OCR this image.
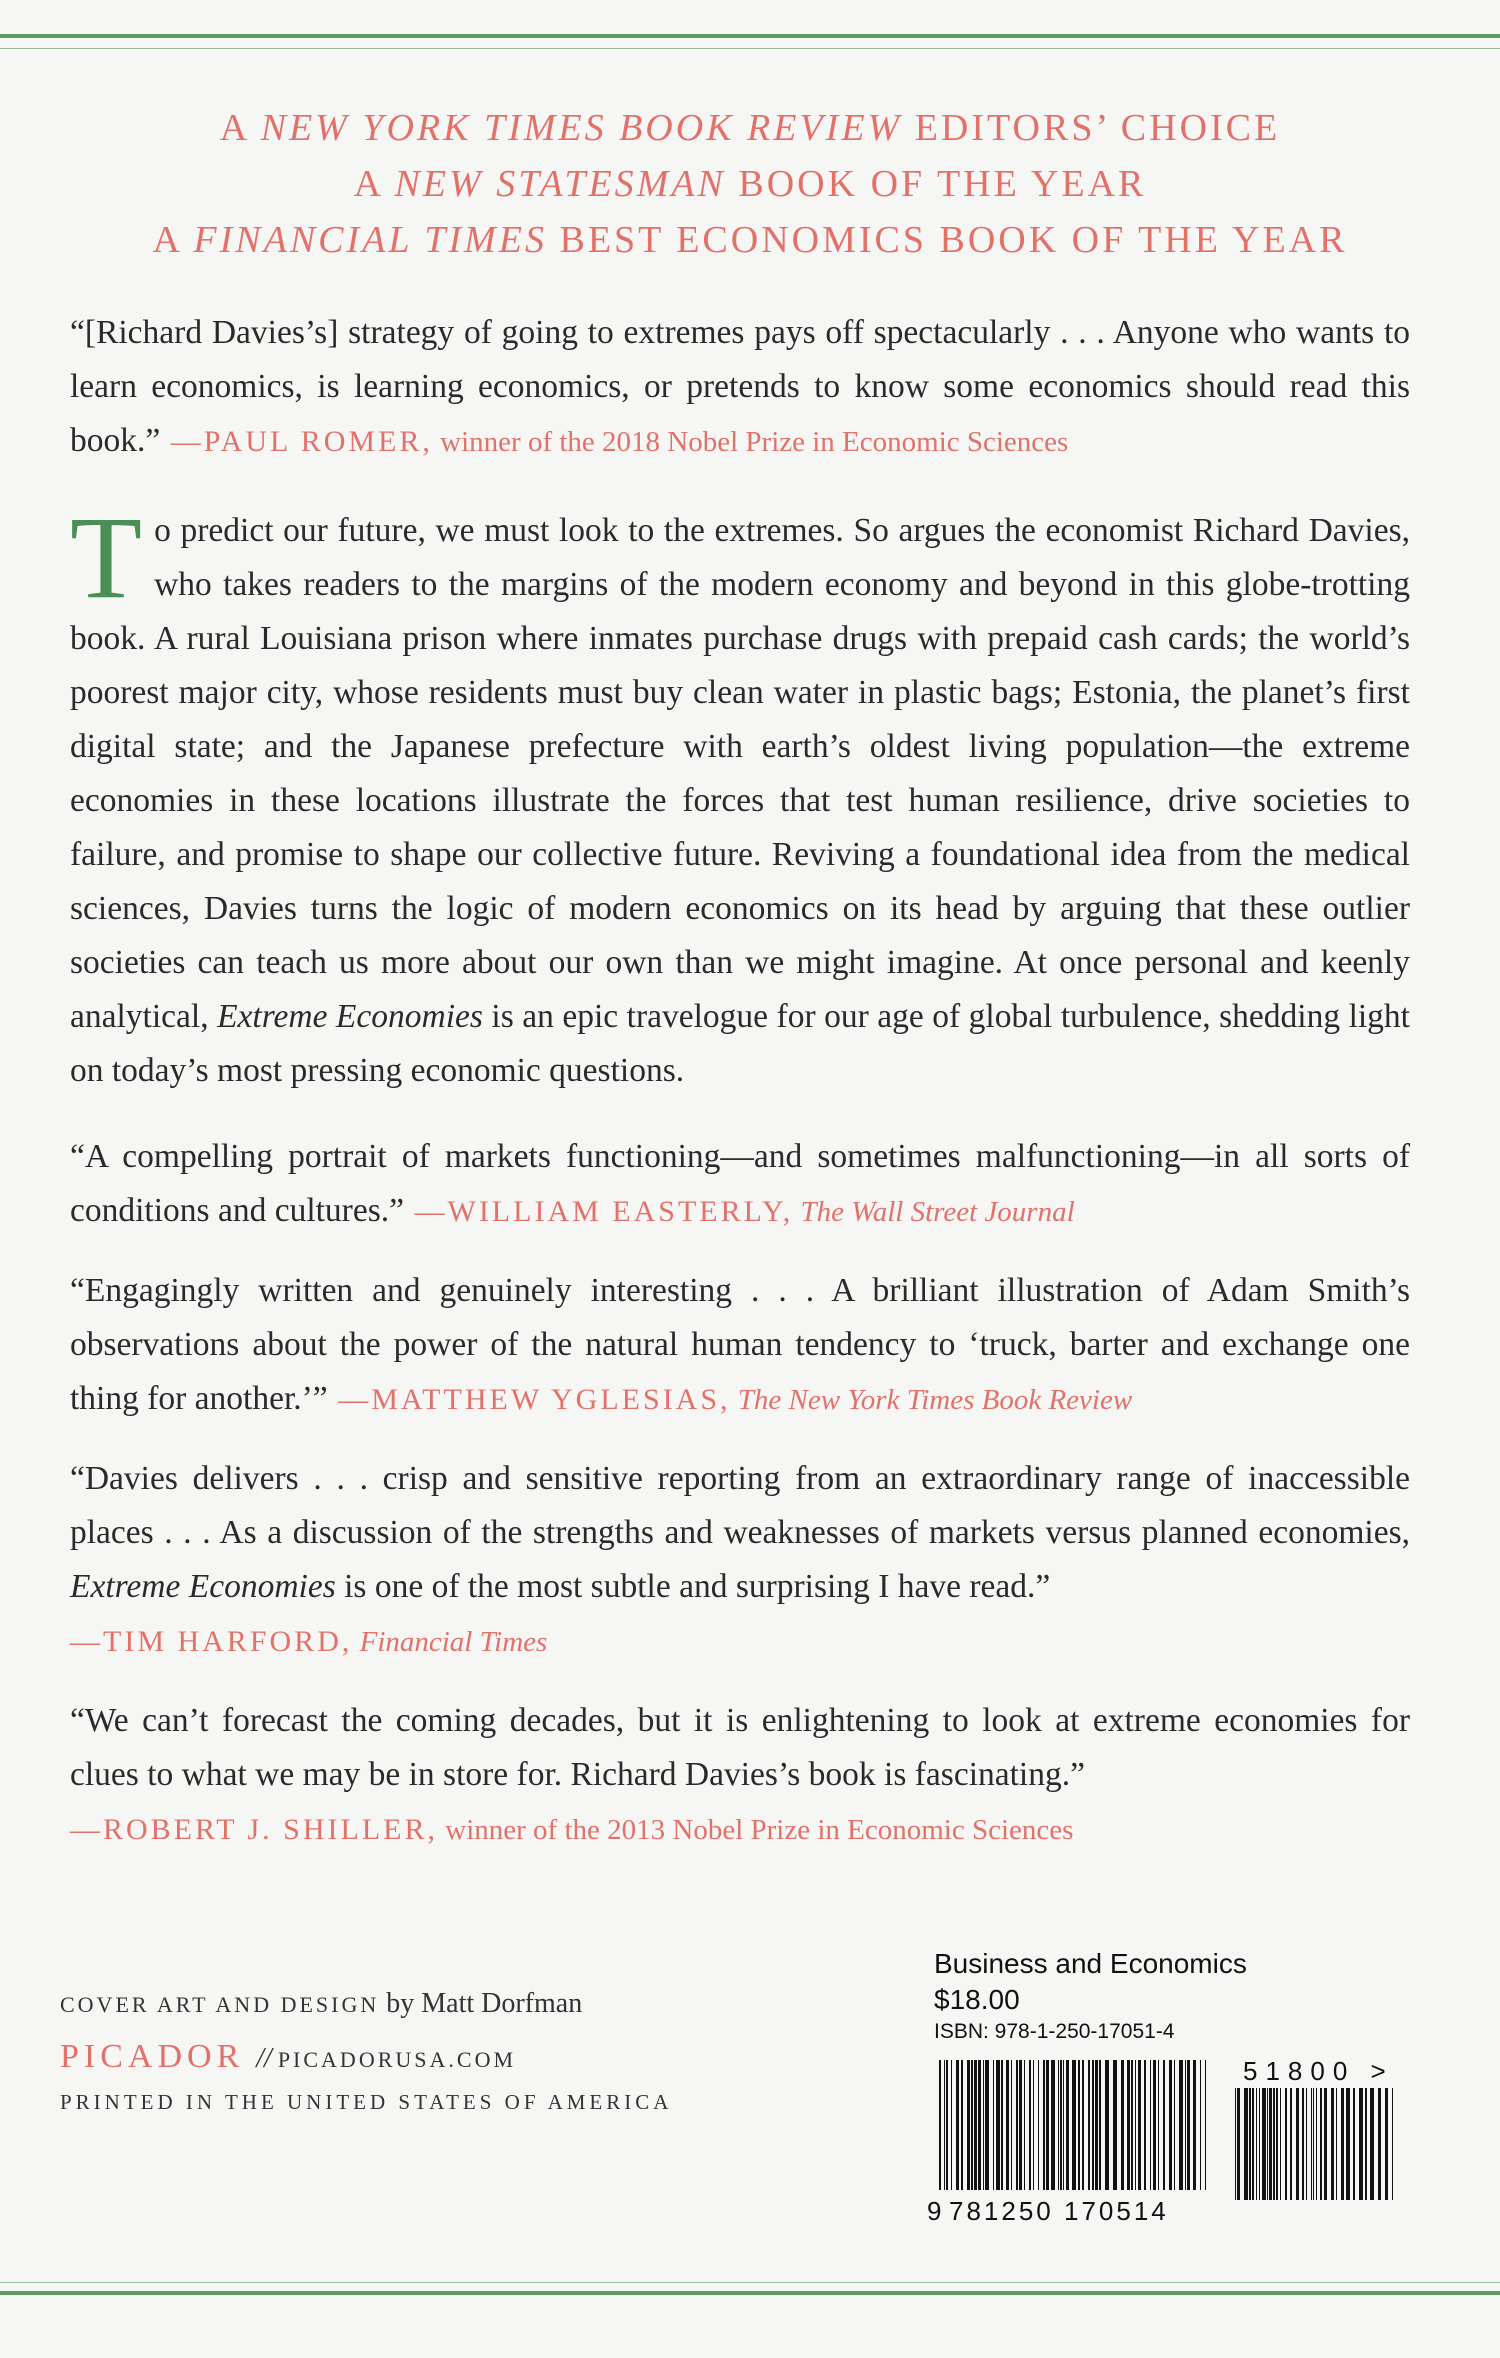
A NEW YORK TIMES BOOK REVIEW EDITORS’ CHOICE
A NEW STATESMAN BOOK OF THE YEAR
A FINANCIAL TIMES BEST ECONOMICS BOOK OF THE YEAR

“[Richard Davies’s] strategy of going to extremes pays off spectacularly . . . Anyone who wants to learn economics, is learning economics, or pretends to know some economics should read this book.” —PAUL ROMER, winner of the 2018 Nobel Prize in Economic Sciences

To predict our future, we must look to the extremes. So argues the economist Richard Davies, who takes readers to the margins of the modern economy and beyond in this globe-trotting book. A rural Louisiana prison where inmates purchase drugs with prepaid cash cards; the world’s poorest major city, whose residents must buy clean water in plastic bags; Estonia, the planet’s first digital state; and the Japanese prefecture with earth’s oldest living population—the extreme economies in these locations illustrate the forces that test human resilience, drive societies to failure, and promise to shape our collective future. Reviving a foundational idea from the medical sciences, Davies turns the logic of modern economics on its head by arguing that these outlier societies can teach us more about our own than we might imagine. At once personal and keenly analytical, Extreme Economies is an epic travelogue for our age of global turbulence, shedding light on today’s most pressing economic questions.

“A compelling portrait of markets functioning—and sometimes malfunctioning—in all sorts of conditions and cultures.” —WILLIAM EASTERLY, The Wall Street Journal

“Engagingly written and genuinely interesting . . . A brilliant illustration of Adam Smith’s observations about the power of the natural human tendency to ‘truck, barter and exchange one thing for another.’” —MATTHEW YGLESIAS, The New York Times Book Review

“Davies delivers . . . crisp and sensitive reporting from an extraordinary range of inaccessible places . . . As a discussion of the strengths and weaknesses of markets versus planned economies, Extreme Economies is one of the most subtle and surprising I have read.”

—TIM HARFORD, Financial Times

“We can’t forecast the coming decades, but it is enlightening to look at extreme economies for clues to what we may be in store for. Richard Davies’s book is fascinating.”

—ROBERT J. SHILLER, winner of the 2013 Nobel Prize in Economic Sciences

COVER ART AND DESIGN by Matt Dorfman
PICADOR // PICADORUSA.COM
PRINTED IN THE UNITED STATES OF AMERICA
Business and Economics
$18.00
ISBN: 978-1-250-17051-4
9 781250 170514
51800 >
